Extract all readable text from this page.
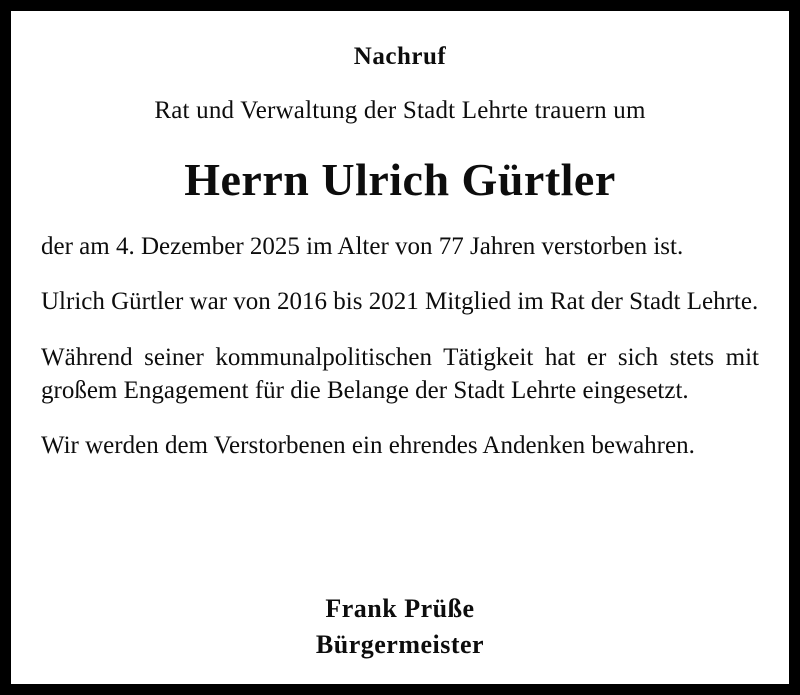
Nachruf
Rat und Verwaltung der Stadt Lehrte trauern um
Herrn Ulrich Gürtler

der am 4. Dezember 2025 im Alter von 77 Jahren verstorben ist.

Ulrich Gürtler war von 2016 bis 2021 Mitglied im Rat der Stadt Lehrte.

Während seiner kommunalpolitischen Tätigkeit hat er sich stets mit großem Engagement für die Belange der Stadt Lehrte eingesetzt.

Wir werden dem Verstorbenen ein ehrendes Andenken bewahren.

Frank Prüße

Bürgermeister
